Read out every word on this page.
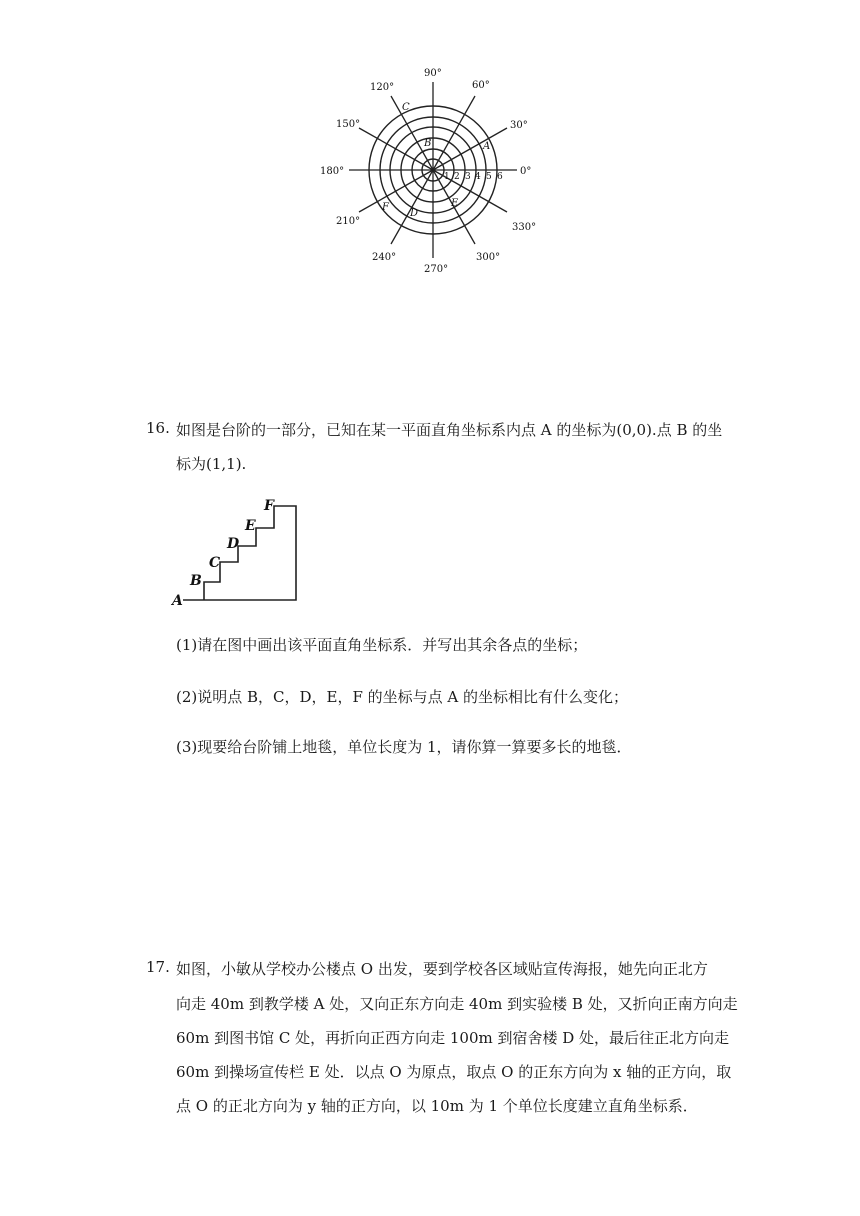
0°
30°
60°
90°
120°
150°
180°
210°
240°
270°
300°
330°
1 2 3 4 5 6
A
B
C
D
E
F
16. 如图是台阶的一部分，已知在某一平面直角坐标系内点 A 的坐标为(0,0).点 B 的坐
标为(1,1).
A
B
C
D
E
F
(1)请在图中画出该平面直角坐标系．并写出其余各点的坐标；
(2)说明点 B，C，D，E，F 的坐标与点 A 的坐标相比有什么变化；
(3)现要给台阶铺上地毯，单位长度为 1，请你算一算要多长的地毯．
17. 如图，小敏从学校办公楼点 O 出发，要到学校各区域贴宣传海报，她先向正北方
向走 40m 到教学楼 A 处，又向正东方向走 40m 到实验楼 B 处，又折向正南方向走
60m 到图书馆 C 处，再折向正西方向走 100m 到宿舍楼 D 处，最后往正北方向走
60m 到操场宣传栏 E 处．以点 O 为原点，取点 O 的正东方向为 x 轴的正方向，取
点 O 的正北方向为 y 轴的正方向，以 10m 为 1 个单位长度建立直角坐标系．
